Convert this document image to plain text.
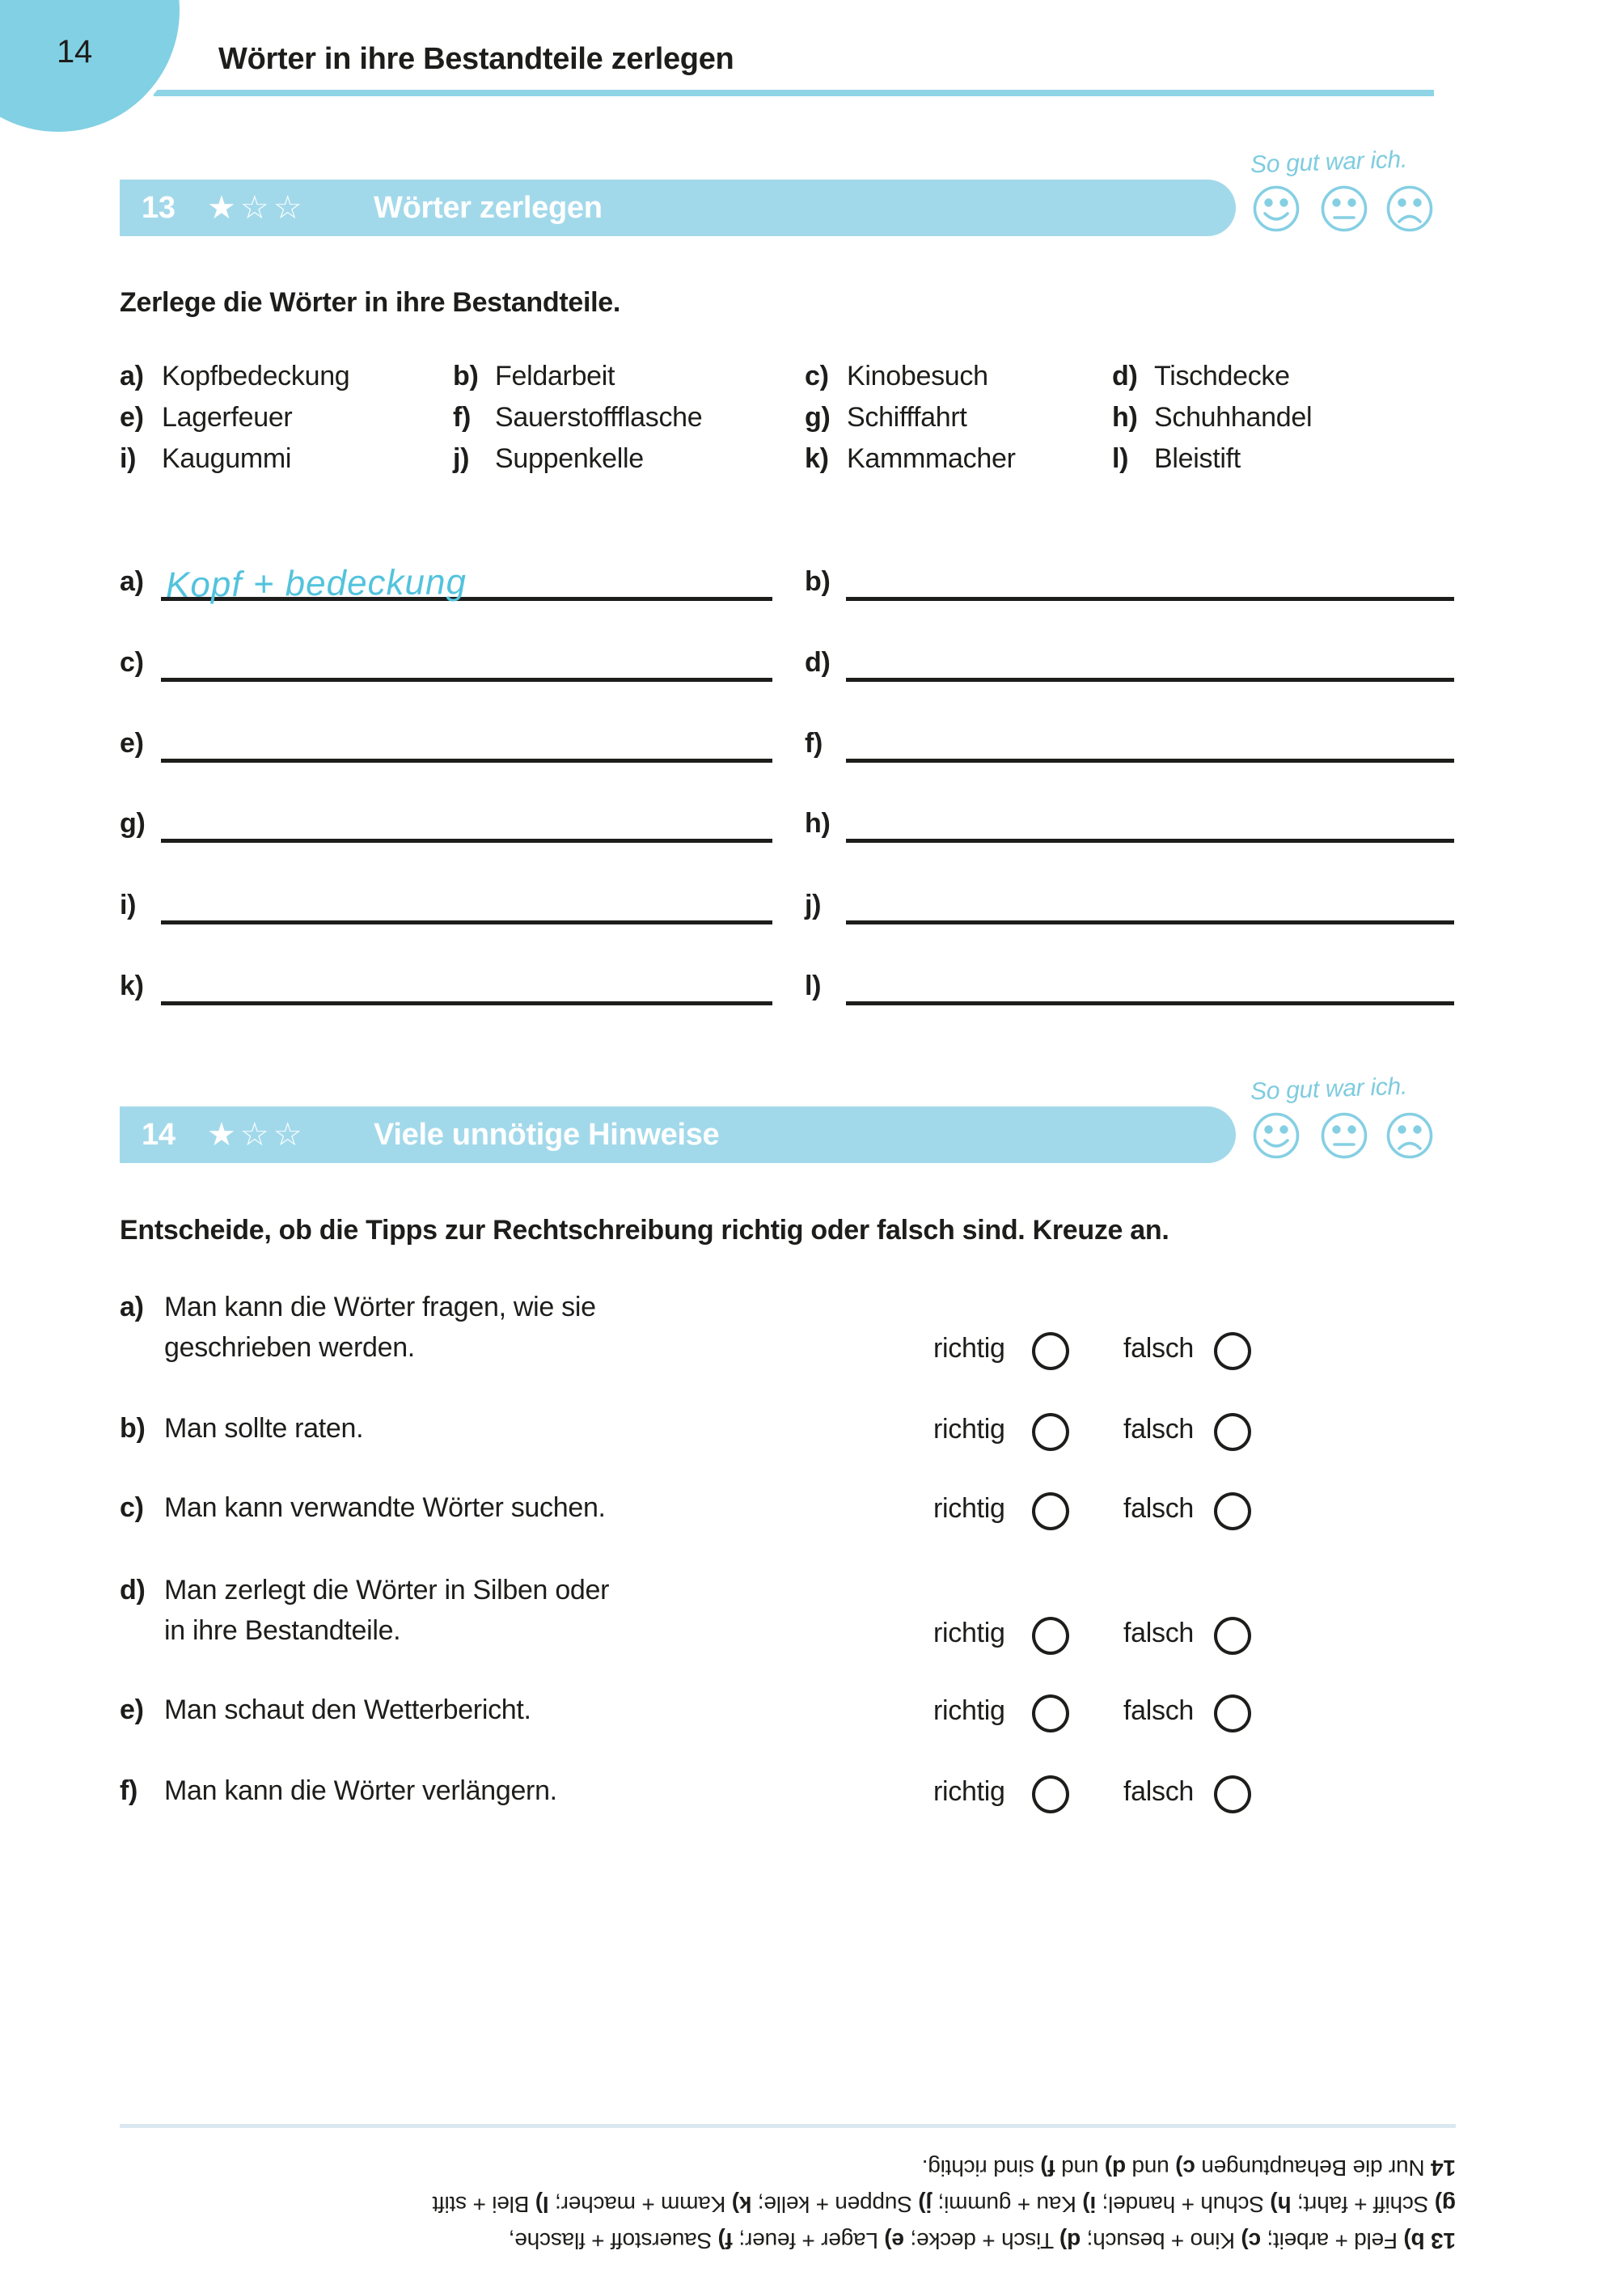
14	Wörter in ihre Bestandteile zerlegen
13 ★☆☆ Wörter zerlegen
So gut war ich.

Zerlege die Wörter in ihre Bestandteile.

a) Kopfbedeckung	b) Feldarbeit	c) Kinobesuch	d) Tischdecke
e) Lagerfeuer	f) Sauerstoffflasche	g) Schifffahrt	h) Schuhhandel
i) Kaugummi	j) Suppenkelle	k) Kammmacher	l) Bleistift
a) Kopf + bedeckung	b)
c)	d)
e)	f)
g)	h)
i)	j)
k)	l)
So gut war ich.
14 ★☆☆ Viele unnötige Hinweise

Entscheide, ob die Tipps zur Rechtschreibung richtig oder falsch sind. Kreuze an.

a) Man kann die Wörter fragen, wie sie
geschrieben werden.	richtig	falsch
b) Man sollte raten.	richtig	falsch
c) Man kann verwandte Wörter suchen.	richtig	falsch
d) Man zerlegt die Wörter in Silben oder
in ihre Bestandteile.	richtig	falsch
e) Man schaut den Wetterbericht.	richtig	falsch
f) Man kann die Wörter verlängern.	richtig	falsch

13 b) Feld + arbeit; c) Kino + besuch; d) Tisch + decke; e) Lager + feuer; f) Sauerstoff + flasche,

g) Schiff + fahrt; h) Schuh + handel; i) Kau + gummi; j) Suppen + kelle; k) Kamm + macher; l) Blei + stift

14 Nur die Behauptungen c) und d) und f) sind richtig.
